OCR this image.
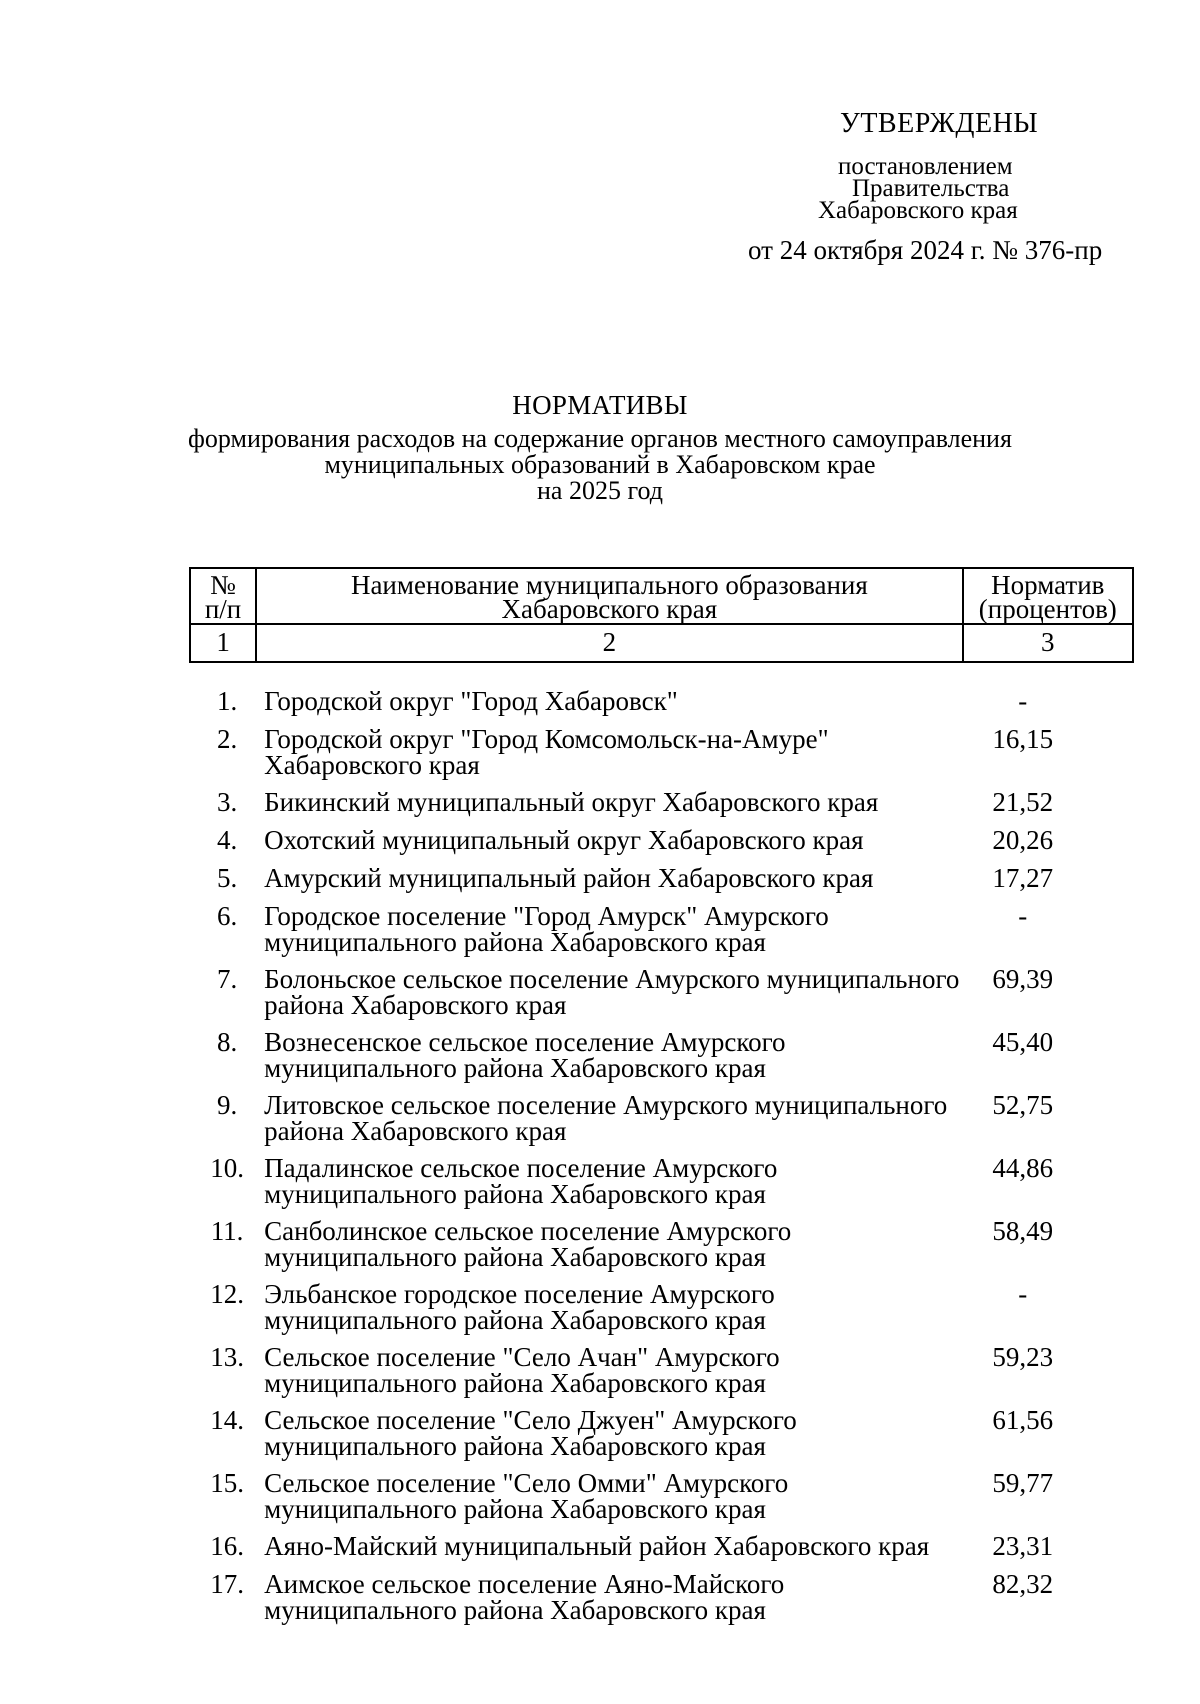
УТВЕРЖДЕНЫ
постановлением
Правительства
Хабаровского края
от 24 октября 2024 г. № 376-пр
НОРМАТИВЫ
формирования расходов на содержание органов местного самоуправления
муниципальных образований в Хабаровском крае
на 2025 год
№ п/п	Наименование муниципального образования Хабаровского края	Норматив (процентов)
1	2	3

1.	Городской округ "Город Хабаровск"	-
2.	Городской округ "Город Комсомольск-на-Амуре" Хабаровского края	16,15
3.	Бикинский муниципальный округ Хабаровского края	21,52
4.	Охотский муниципальный округ Хабаровского края	20,26
5.	Амурский муниципальный район Хабаровского края	17,27
6.	Городское поселение "Город Амурск" Амурского муниципального района Хабаровского края	-
7.	Болоньское сельское поселение Амурского муниципального района Хабаровского края	69,39
8.	Вознесенское сельское поселение Амурского муниципального района Хабаровского края	45,40
9.	Литовское сельское поселение Амурского муниципального района Хабаровского края	52,75
10.	Падалинское сельское поселение Амурского муниципального района Хабаровского края	44,86
11.	Санболинское сельское поселение Амурского муниципального района Хабаровского края	58,49
12.	Эльбанское городское поселение Амурского муниципального района Хабаровского края	-
13.	Сельское поселение "Село Ачан" Амурского муниципального района Хабаровского края	59,23
14.	Сельское поселение "Село Джуен" Амурского муниципального района Хабаровского края	61,56
15.	Сельское поселение "Село Омми" Амурского муниципального района Хабаровского края	59,77
16.	Аяно-Майский муниципальный район Хабаровского края	23,31
17.	Аимское сельское поселение Аяно-Майского муниципального района Хабаровского края	82,32
